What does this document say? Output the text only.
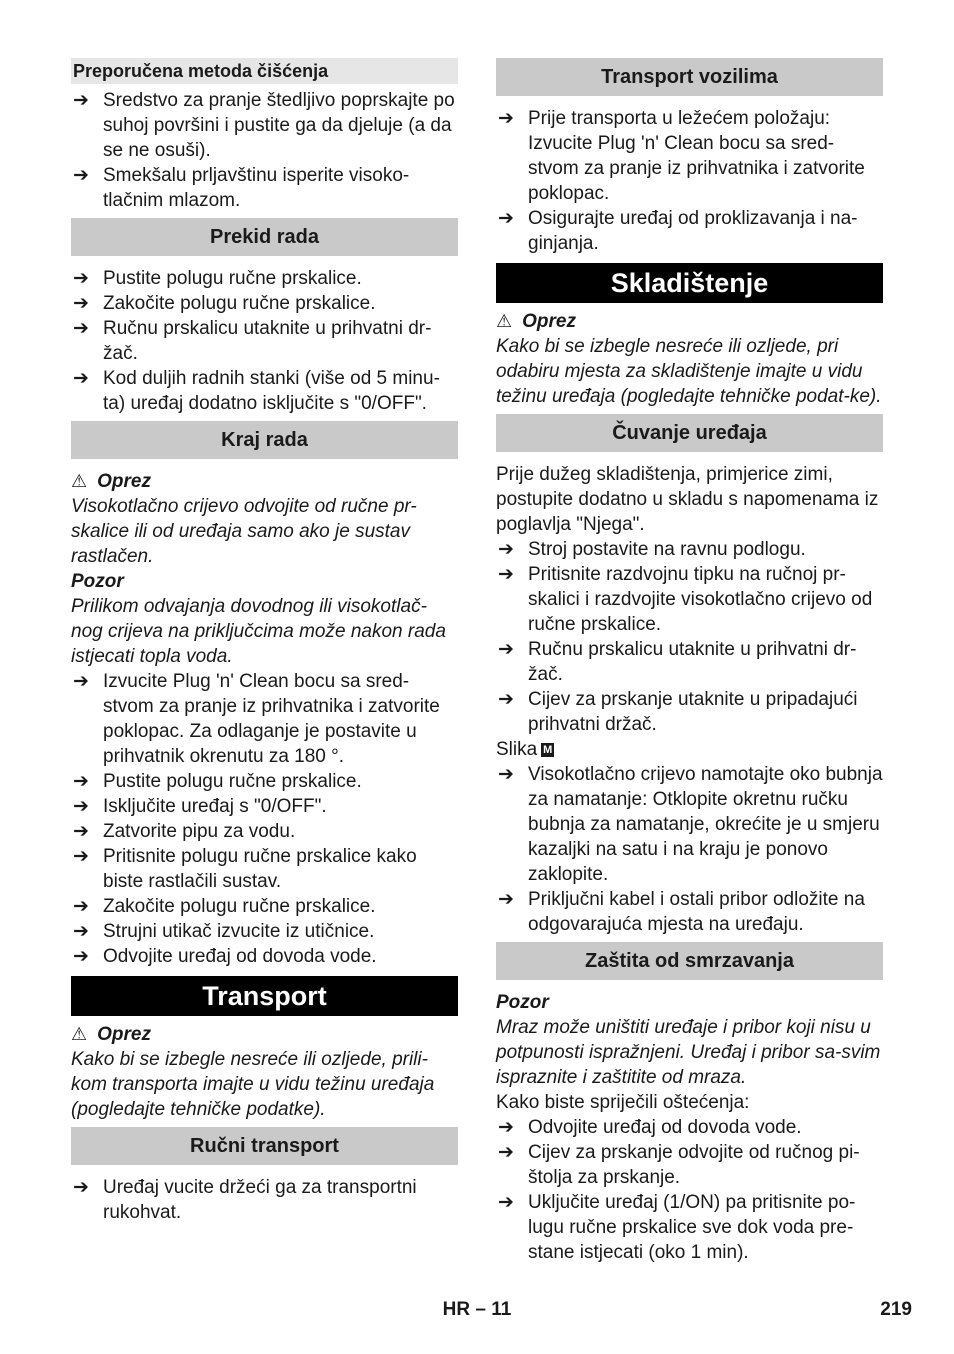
Preporučena metoda čišćenja
➔ Sredstvo za pranje štedljivo poprskajte po suhoj površini i pustite ga da djeluje (a da se ne osuši).
➔ Smekšalu prljavštinu isperite visoko-tlačnim mlazom.
Prekid rada
➔ Pustite polugu ručne prskalice.
➔ Zakočite polugu ručne prskalice.
➔ Ručnu prskalicu utaknite u prihvatni dr-žač.
➔ Kod duljih radnih stanki (više od 5 minu-ta) uređaj dodatno isključite s "0/OFF".
Kraj rada
⚠ Oprez
Visokotlačno crijevo odvojite od ručne pr-skalice ili od uređaja samo ako je sustav rastlačen.
Pozor
Prilikom odvajanja dovodnog ili visokotlač-nog crijeva na priključcima može nakon rada istjecati topla voda.
➔ Izvucite Plug 'n' Clean bocu sa sred-stvom za pranje iz prihvatnika i zatvorite poklopac. Za odlaganje je postavite u prihvatnik okrenutu za 180 °.
➔ Pustite polugu ručne prskalice.
➔ Isključite uređaj s "0/OFF".
➔ Zatvorite pipu za vodu.
➔ Pritisnite polugu ručne prskalice kako biste rastlačili sustav.
➔ Zakočite polugu ručne prskalice.
➔ Strujni utikač izvucite iz utičnice.
➔ Odvojite uređaj od dovoda vode.
Transport
⚠ Oprez
Kako bi se izbegle nesreće ili ozljede, prili-kom transporta imajte u vidu težinu uređaja (pogledajte tehničke podatke).
Ručni transport
➔ Uređaj vucite držeći ga za transportni rukohvat.
Transport vozilima
➔ Prije transporta u ležećem položaju: Izvucite Plug 'n' Clean bocu sa sred-stvom za pranje iz prihvatnika i zatvorite poklopac.
➔ Osigurajte uređaj od proklizavanja i na-ginjanja.
Skladištenje
⚠ Oprez
Kako bi se izbegle nesreće ili ozljede, pri odabiru mjesta za skladištenje imajte u vidu težinu uređaja (pogledajte tehničke podat-ke).
Čuvanje uređaja
Prije dužeg skladištenja, primjerice zimi, postupite dodatno u skladu s napomenama iz poglavlja "Njega".
➔ Stroj postavite na ravnu podlogu.
➔ Pritisnite razdvojnu tipku na ručnoj pr-skalici i razdvojite visokotlačno crijevo od ručne prskalice.
➔ Ručnu prskalicu utaknite u prihvatni dr-žač.
➔ Cijev za prskanje utaknite u pripadajući prihvatni držač.
Slika M
➔ Visokotlačno crijevo namotajte oko bubnja za namatanje: Otklopite okretnu ručku bubnja za namatanje, okrećite je u smjeru kazaljki na satu i na kraju je ponovo zaklopite.
➔ Priključni kabel i ostali pribor odložite na odgovarajuća mjesta na uređaju.
Zaštita od smrzavanja
Pozor
Mraz može uništiti uređaje i pribor koji nisu u potpunosti ispražnjeni. Uređaj i pribor sa-svim ispraznite i zaštitite od mraza.
Kako biste spriječili oštećenja:
➔ Odvojite uređaj od dovoda vode.
➔ Cijev za prskanje odvojite od ručnog pi-štolja za prskanje.
➔ Uključite uređaj (1/ON) pa pritisnite po-lugu ručne prskalice sve dok voda pre-stane istjecati (oko 1 min).
HR – 11	219
